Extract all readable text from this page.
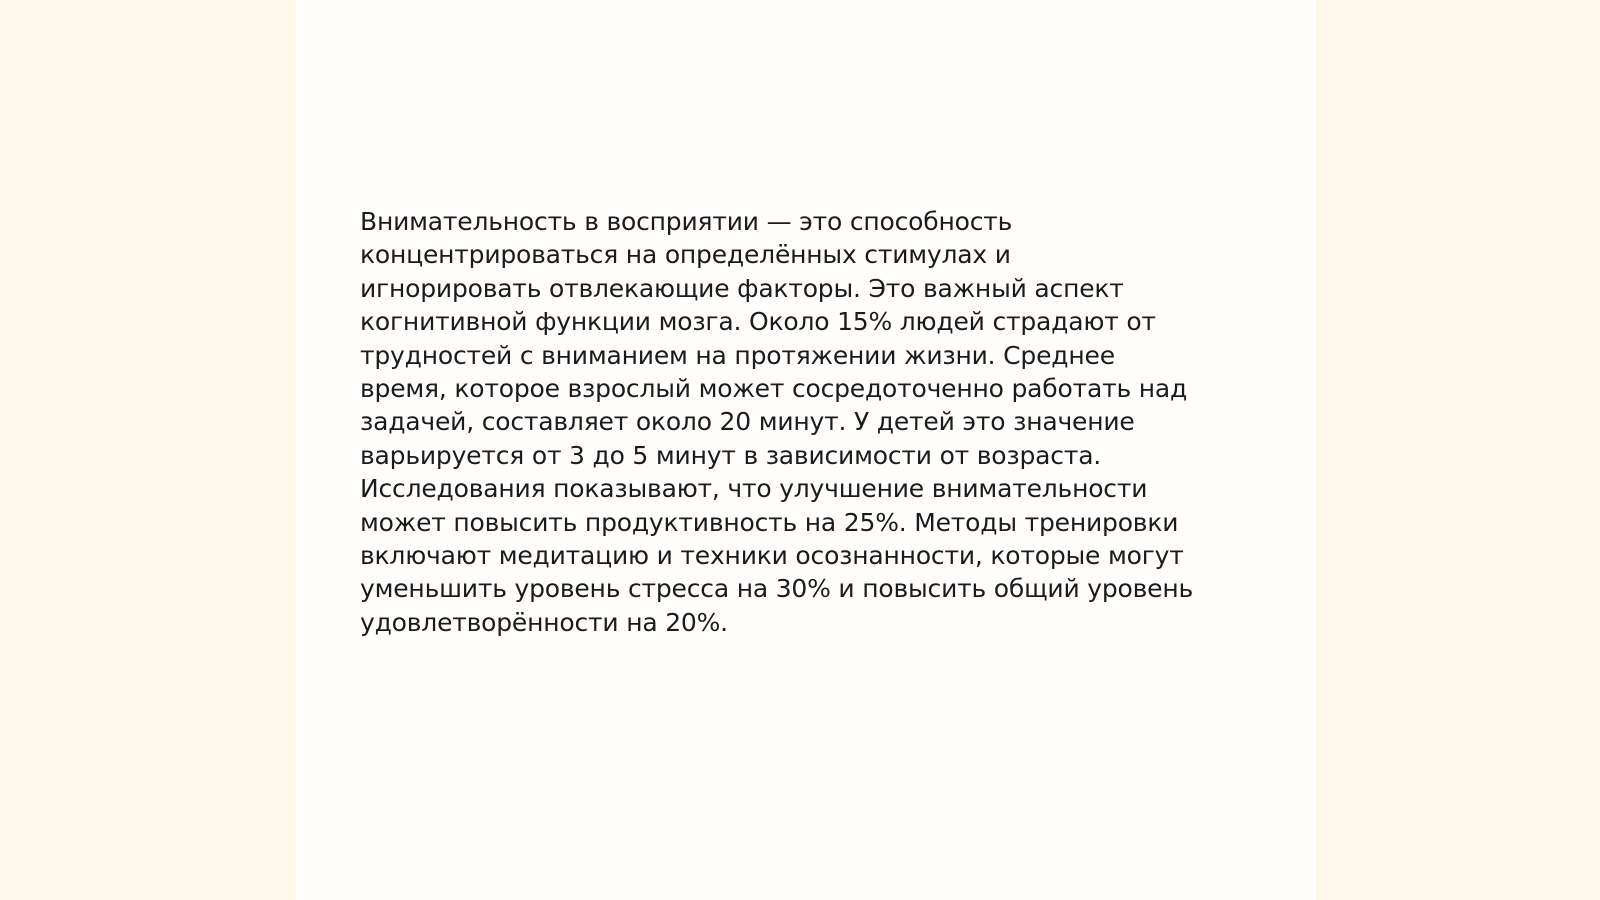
Внимательность в восприятии — это способность
концентрироваться на определённых стимулах и
игнорировать отвлекающие факторы. Это важный аспект
когнитивной функции мозга. Около 15% людей страдают от
трудностей с вниманием на протяжении жизни. Среднее
время, которое взрослый может сосредоточенно работать над
задачей, составляет около 20 минут. У детей это значение
варьируется от 3 до 5 минут в зависимости от возраста.
Исследования показывают, что улучшение внимательности
может повысить продуктивность на 25%. Методы тренировки
включают медитацию и техники осознанности, которые могут
уменьшить уровень стресса на 30% и повысить общий уровень
удовлетворённости на 20%.
